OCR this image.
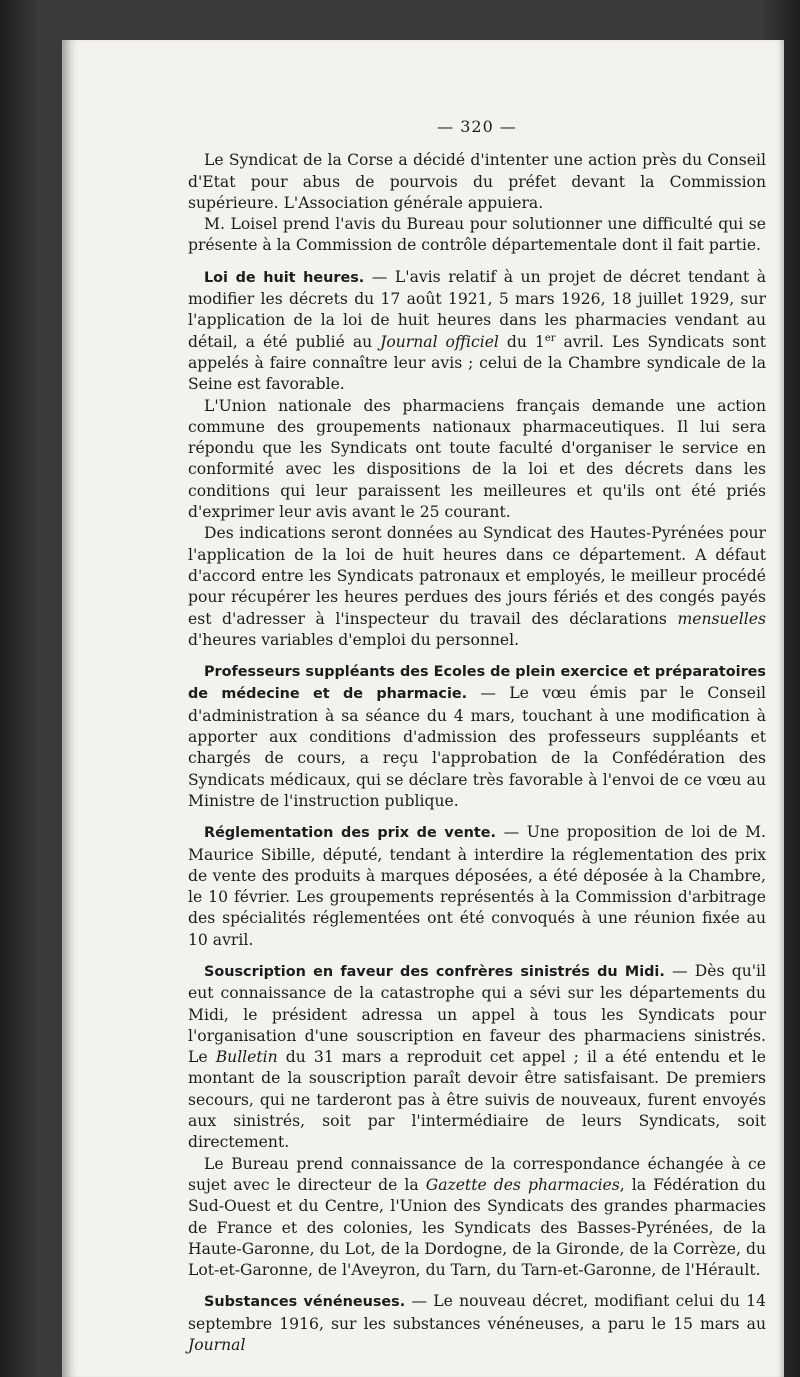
— 320 —

Le Syndicat de la Corse a décidé d'intenter une action près du Conseil d'Etat pour abus de pourvois du préfet devant la Commission supérieure. L'Association générale appuiera.

M. Loisel prend l'avis du Bureau pour solutionner une difficulté qui se présente à la Commission de contrôle départementale dont il fait partie.

Loi de huit heures. — L'avis relatif à un projet de décret tendant à modifier les décrets du 17 août 1921, 5 mars 1926, 18 juillet 1929, sur l'application de la loi de huit heures dans les pharmacies vendant au détail, a été publié au Journal officiel du 1er avril. Les Syndicats sont appelés à faire connaître leur avis ; celui de la Chambre syndicale de la Seine est favorable.

L'Union nationale des pharmaciens français demande une action commune des groupements nationaux pharmaceutiques. Il lui sera répondu que les Syndicats ont toute faculté d'organiser le service en conformité avec les dispositions de la loi et des décrets dans les conditions qui leur paraissent les meilleures et qu'ils ont été priés d'exprimer leur avis avant le 25 courant.

Des indications seront données au Syndicat des Hautes-Pyrénées pour l'application de la loi de huit heures dans ce département. A défaut d'accord entre les Syndicats patronaux et employés, le meilleur procédé pour récupérer les heures perdues des jours fériés et des congés payés est d'adresser à l'inspecteur du travail des déclarations mensuelles d'heures variables d'emploi du personnel.

Professeurs suppléants des Ecoles de plein exercice et préparatoires de médecine et de pharmacie. — Le vœu émis par le Conseil d'administration à sa séance du 4 mars, touchant à une modification à apporter aux conditions d'admission des professeurs suppléants et chargés de cours, a reçu l'approbation de la Confédération des Syndicats médicaux, qui se déclare très favorable à l'envoi de ce vœu au Ministre de l'instruction publique.

Réglementation des prix de vente. — Une proposition de loi de M. Maurice Sibille, député, tendant à interdire la réglementation des prix de vente des produits à marques déposées, a été déposée à la Chambre, le 10 février. Les groupements représentés à la Commission d'arbitrage des spécialités réglementées ont été convoqués à une réunion fixée au 10 avril.

Souscription en faveur des confrères sinistrés du Midi. — Dès qu'il eut connaissance de la catastrophe qui a sévi sur les départements du Midi, le président adressa un appel à tous les Syndicats pour l'organisation d'une souscription en faveur des pharmaciens sinistrés. Le Bulletin du 31 mars a reproduit cet appel ; il a été entendu et le montant de la souscription paraît devoir être satisfaisant. De premiers secours, qui ne tarderont pas à être suivis de nouveaux, furent envoyés aux sinistrés, soit par l'intermédiaire de leurs Syndicats, soit directement.

Le Bureau prend connaissance de la correspondance échangée à ce sujet avec le directeur de la Gazette des pharmacies, la Fédération du Sud-Ouest et du Centre, l'Union des Syndicats des grandes pharmacies de France et des colonies, les Syndicats des Basses-Pyrénées, de la Haute-Garonne, du Lot, de la Dordogne, de la Gironde, de la Corrèze, du Lot-et-Garonne, de l'Aveyron, du Tarn, du Tarn-et-Garonne, de l'Hérault.

Substances vénéneuses. — Le nouveau décret, modifiant celui du 14 septembre 1916, sur les substances vénéneuses, a paru le 15 mars au Journal
